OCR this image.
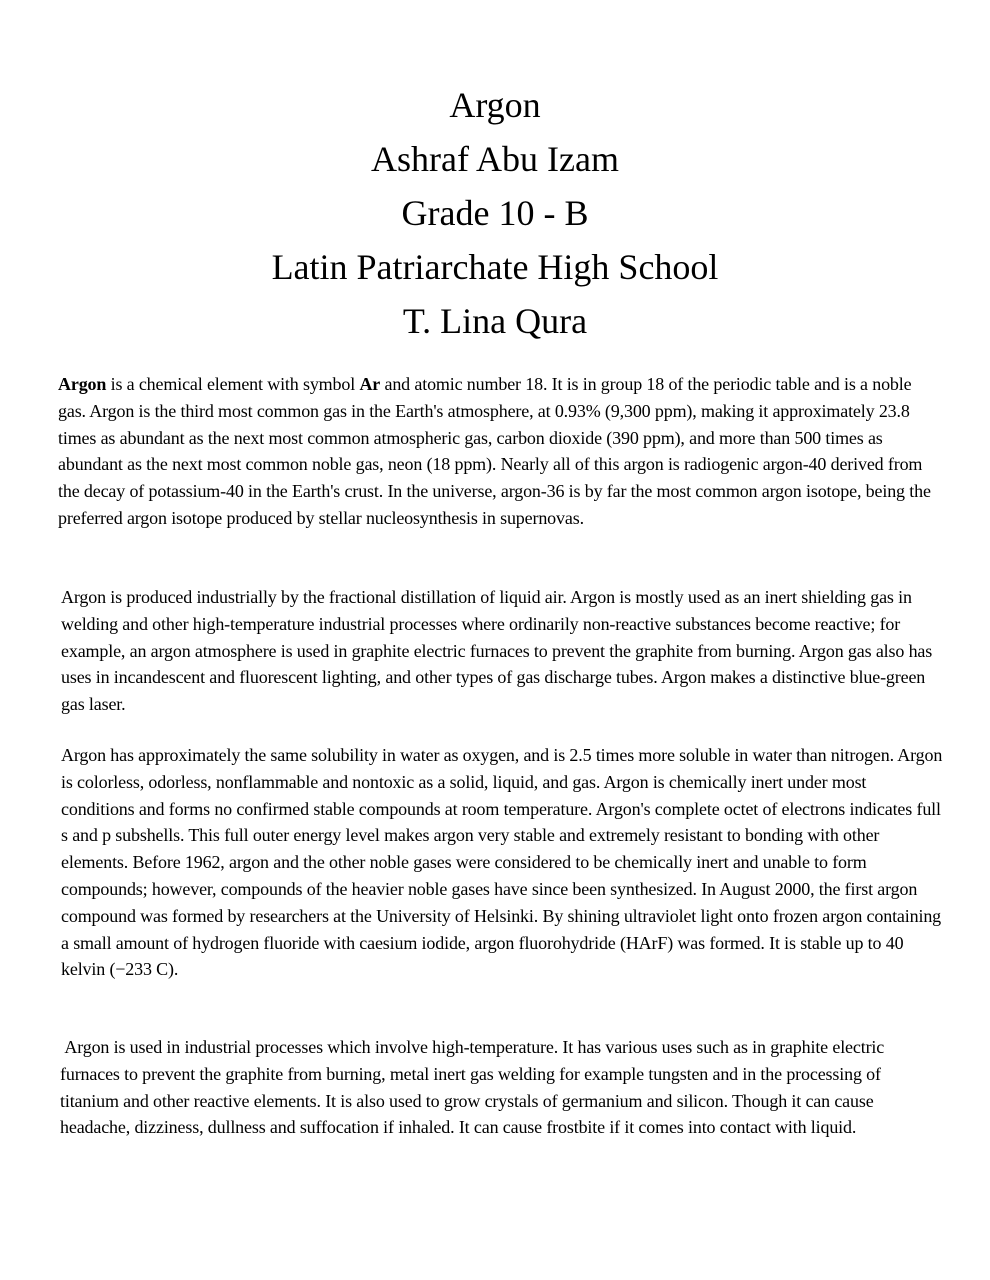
Argon
Ashraf Abu Izam
Grade 10 - B
Latin Patriarchate High School
T. Lina Qura

Argon is a chemical element with symbol Ar and atomic number 18. It is in group 18 of the periodic table and is a noble gas. Argon is the third most common gas in the Earth's atmosphere, at 0.93% (9,300 ppm), making it approximately 23.8 times as abundant as the next most common atmospheric gas, carbon dioxide (390 ppm), and more than 500 times as abundant as the next most common noble gas, neon (18 ppm). Nearly all of this argon is radiogenic argon-40 derived from the decay of potassium-40 in the Earth's crust. In the universe, argon-36 is by far the most common argon isotope, being the preferred argon isotope produced by stellar nucleosynthesis in supernovas.

Argon is produced industrially by the fractional distillation of liquid air. Argon is mostly used as an inert shielding gas in welding and other high-temperature industrial processes where ordinarily non-reactive substances become reactive; for example, an argon atmosphere is used in graphite electric furnaces to prevent the graphite from burning. Argon gas also has uses in incandescent and fluorescent lighting, and other types of gas discharge tubes. Argon makes a distinctive blue-green gas laser.

Argon has approximately the same solubility in water as oxygen, and is 2.5 times more soluble in water than nitrogen. Argon is colorless, odorless, nonflammable and nontoxic as a solid, liquid, and gas. Argon is chemically inert under most conditions and forms no confirmed stable compounds at room temperature. Argon's complete octet of electrons indicates full s and p subshells. This full outer energy level makes argon very stable and extremely resistant to bonding with other elements. Before 1962, argon and the other noble gases were considered to be chemically inert and unable to form compounds; however, compounds of the heavier noble gases have since been synthesized. In August 2000, the first argon compound was formed by researchers at the University of Helsinki. By shining ultraviolet light onto frozen argon containing a small amount of hydrogen fluoride with caesium iodide, argon fluorohydride (HArF) was formed. It is stable up to 40 kelvin (−233 C).

Argon is used in industrial processes which involve high-temperature. It has various uses such as in graphite electric furnaces to prevent the graphite from burning, metal inert gas welding for example tungsten and in the processing of titanium and other reactive elements. It is also used to grow crystals of germanium and silicon. Though it can cause headache, dizziness, dullness and suffocation if inhaled. It can cause frostbite if it comes into contact with liquid.
